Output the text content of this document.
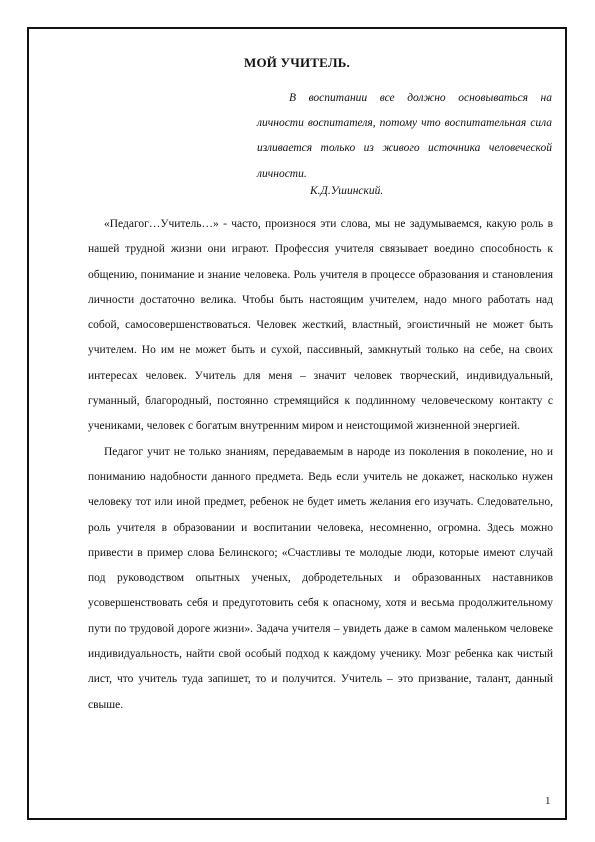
МОЙ УЧИТЕЛЬ.
В воспитании все должно основываться на личности воспитателя, потому что воспитательная сила изливается только из живого источника человеческой личности.
К.Д.Ушинский.

«Педагог…Учитель…» - часто, произнося эти слова, мы не задумываемся, какую роль в нашей трудной жизни они играют. Профессия учителя связывает воедино способность к общению, понимание и знание человека. Роль учителя в процессе образования и становления личности достаточно велика. Чтобы быть настоящим учителем, надо много работать над собой, самосовершенствоваться. Человек жесткий, властный, эгоистичный не может быть учителем. Но им не может быть и сухой, пассивный, замкнутый только на себе, на своих интересах человек. Учитель для меня – значит человек творческий, индивидуальный, гуманный, благородный, постоянно стремящийся к подлинному человеческому контакту с учениками, человек с богатым внутренним миром и неистощимой жизненной энергией.

Педагог учит не только знаниям, передаваемым в народе из поколения в поколение, но и пониманию надобности данного предмета. Ведь если учитель не докажет, насколько нужен человеку тот или иной предмет, ребенок не будет иметь желания его изучать. Следовательно, роль учителя в образовании и воспитании человека, несомненно, огромна. Здесь можно привести в пример слова Белинского; «Счастливы те молодые люди, которые имеют случай под руководством опытных ученых, добродетельных и образованных наставников усовершенствовать себя и предуготовить себя к опасному, хотя и весьма продолжительному пути по трудовой дороге жизни». Задача учителя – увидеть даже в самом маленьком человеке индивидуальность, найти свой особый подход к каждому ученику. Мозг ребенка как чистый лист, что учитель туда запишет, то и получится. Учитель – это призвание, талант, данный свыше.

1
